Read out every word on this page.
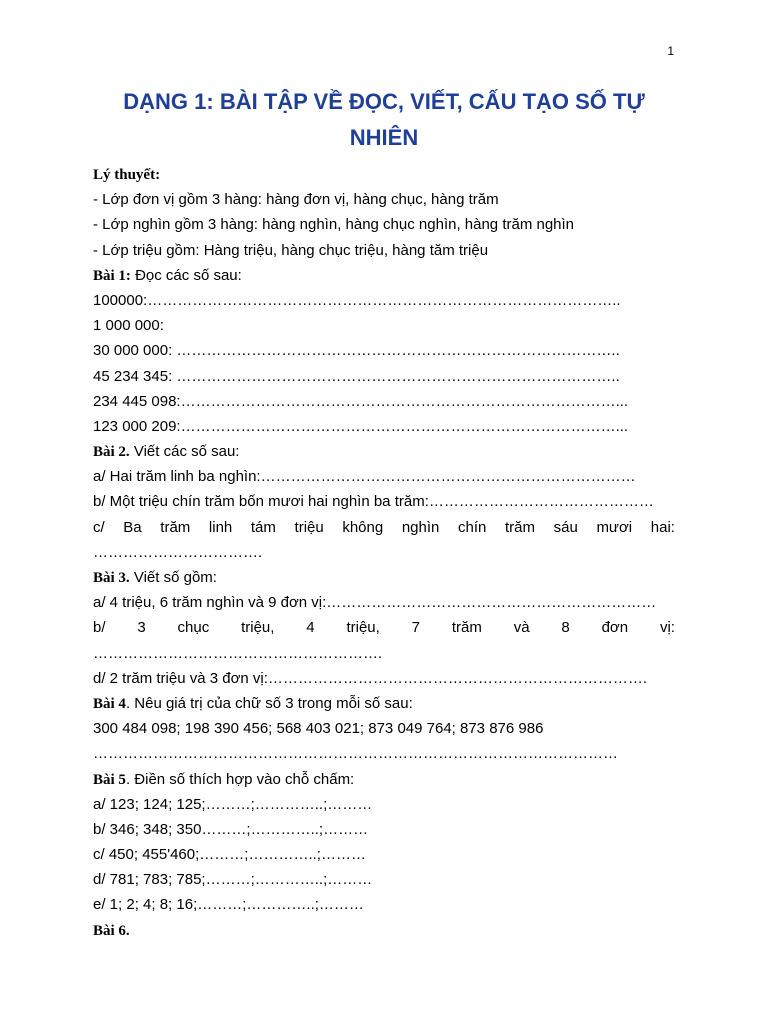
1
DẠNG 1: BÀI TẬP VỀ ĐỌC, VIẾT, CẤU TẠO SỐ TỰ NHIÊN
Lý thuyết:
- Lớp đơn vị gồm 3 hàng: hàng đơn vị, hàng chục, hàng trăm
- Lớp nghìn gồm 3 hàng: hàng nghìn, hàng chục nghìn, hàng trăm nghìn
- Lớp triệu gồm: Hàng triệu, hàng chục triệu, hàng tăm triệu
Bài 1: Đọc các số sau:
100000:…………………………………………………………………………………..
1 000 000:
30 000 000: ……………………………………………………………………………..
45 234 345: ……………………………………………………………………………..
234 445 098:……………………………………………………………………………...
123 000 209:……………………………………………………………………………...
Bài 2. Viết các số sau:
a/ Hai trăm linh ba nghìn:…………………………………………………………………
b/ Một triệu chín trăm bốn mươi hai nghìn ba trăm:………………………………………
c/ Ba trăm linh tám triệu không nghìn chín trăm sáu mươi hai:
…………………………….
Bài 3. Viết số gồm:
a/ 4 triệu, 6 trăm nghìn và 9 đơn vị:…………………………………………………………
b/ 3 chục triệu, 4 triệu, 7 trăm và 8 đơn vị:
………………………………………………….
d/ 2 trăm triệu và 3 đơn vị:………………………………………………………………….
Bài 4. Nêu giá trị của chữ số 3 trong mỗi số sau:
300 484 098; 198 390 456; 568 403 021; 873 049 764; 873 876 986
……………………………………………………………………………………………
Bài 5. Điền số thích hợp vào chỗ chấm:
a/ 123; 124; 125;………;…………..;………
b/ 346; 348; 350………;…………..;………
c/ 450; 455'460;………;…………..;………
d/ 781; 783; 785;………;…………..;………
e/ 1; 2; 4; 8; 16;………;…………..;………
Bài 6.
